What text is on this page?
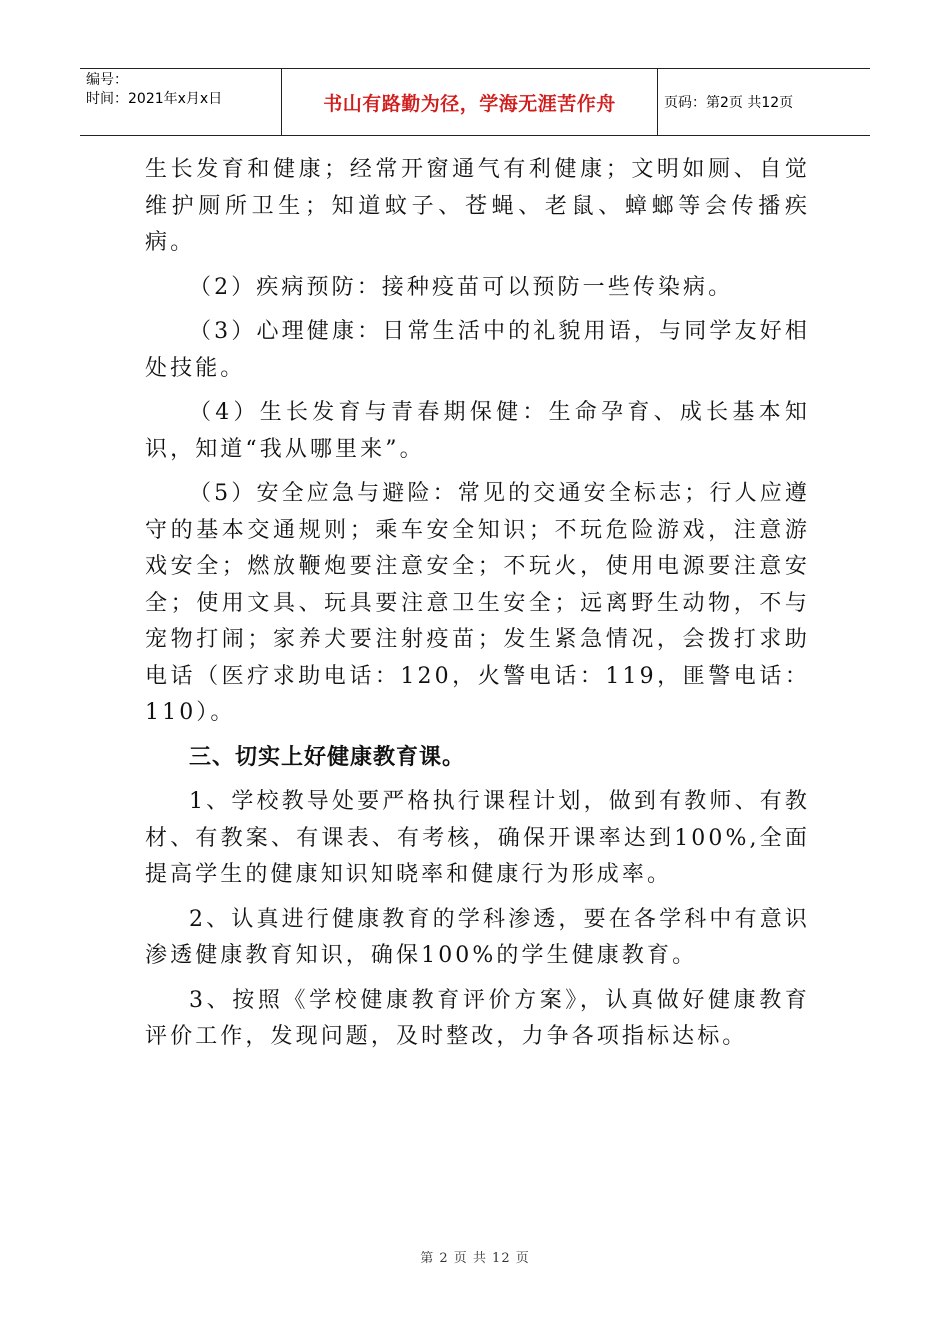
编号：
时间：2021年x月x日	书山有路勤为径，学海无涯苦作舟	页码：第2页 共12页

生长发育和健康；经常开窗通气有利健康；文明如厕、自觉维护厕所卫生；知道蚊子、苍蝇、老鼠、蟑螂等会传播疾病。

（2）疾病预防：接种疫苗可以预防一些传染病。

（3）心理健康：日常生活中的礼貌用语，与同学友好相处技能。

（4）生长发育与青春期保健：生命孕育、成长基本知识，知道“我从哪里来”。

（5）安全应急与避险：常见的交通安全标志；行人应遵守的基本交通规则；乘车安全知识；不玩危险游戏，注意游戏安全；燃放鞭炮要注意安全；不玩火，使用电源要注意安全；使用文具、玩具要注意卫生安全；远离野生动物，不与宠物打闹；家养犬要注射疫苗；发生紧急情况，会拨打求助电话（医疗求助电话：120，火警电话：119，匪警电话：110）。

三、切实上好健康教育课。

1、学校教导处要严格执行课程计划，做到有教师、有教材、有教案、有课表、有考核，确保开课率达到100%,全面提高学生的健康知识知晓率和健康行为形成率。

2、认真进行健康教育的学科渗透，要在各学科中有意识渗透健康教育知识，确保100%的学生健康教育。

3、按照《学校健康教育评价方案》，认真做好健康教育评价工作，发现问题，及时整改，力争各项指标达标。

第 2 页 共 12 页
